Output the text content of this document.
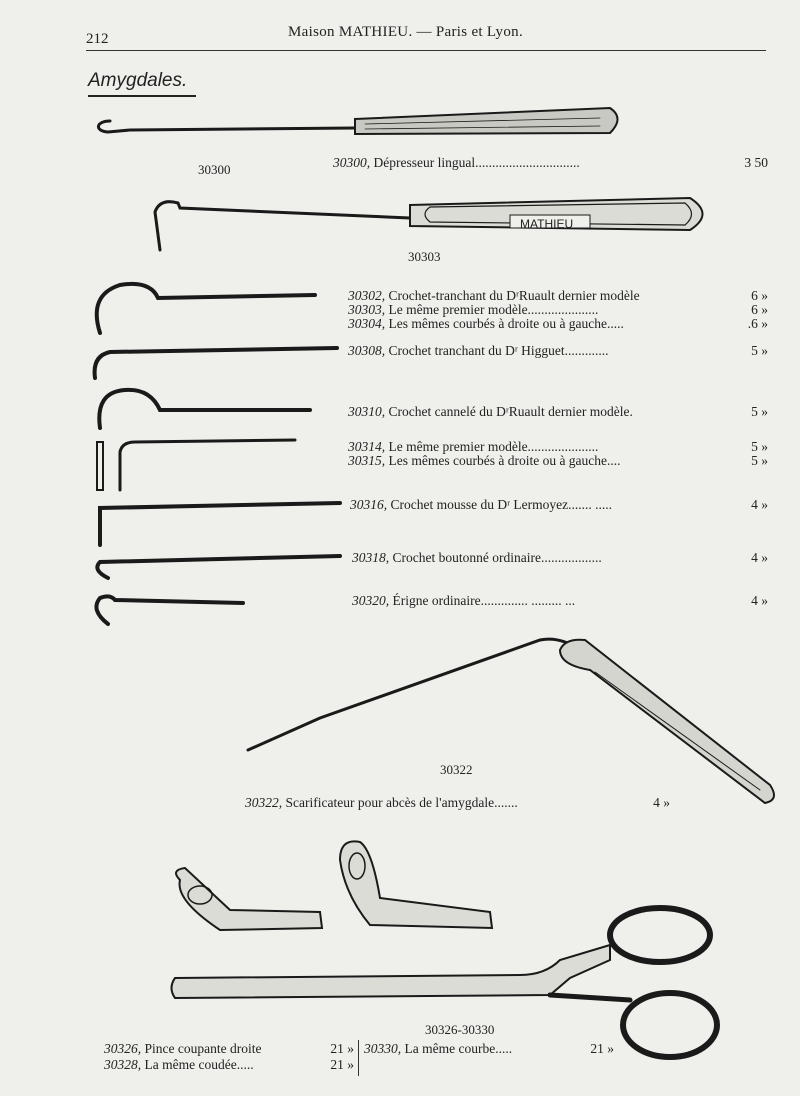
212	Maison MATHIEU. — Paris et Lyon.
Amygdales.
MATHIEU
30300
30303
30322
30326-30330
30300,
Dépresseur lingual...............................	3 50
30302,
Crochet-tranchant du DʳRuault dernier modèle	6 »
30303,
Le même premier modèle.....................	6 »
30304,
Les mêmes courbés à droite ou à gauche.....	.6 »
30308,
Crochet tranchant du Dʳ Higguet.............	5 »
30310,
Crochet cannelé du DʳRuault dernier modèle.	5 »
30314,
Le même premier modèle.....................	5 »
30315,
Les mêmes courbés à droite ou à gauche....	5 »
30316,
Crochet mousse du Dʳ Lermoyez....... .....	4 »
30318,
Crochet boutonné ordinaire..................	4 »
30320,
Érigne ordinaire.............. ......... ...	4 »
30322,
Scarificateur pour abcès de l'amygdale.......	4 »
30326,
Pince coupante droite	21 »
30328,
La même coudée.....	21 »
30330,
La même courbe.....	21 »
